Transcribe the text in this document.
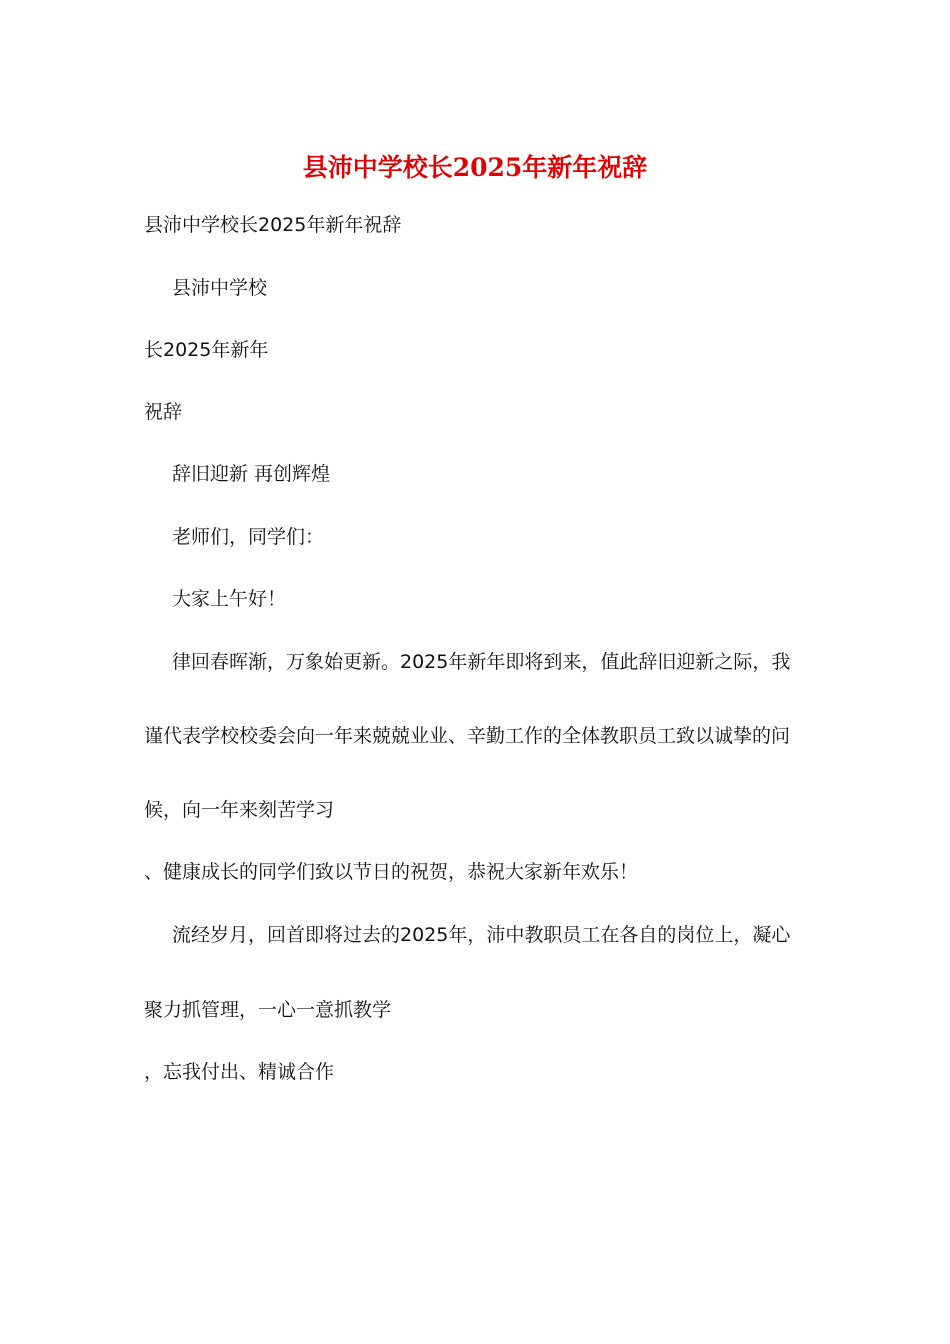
县沛中学校长2025年新年祝辞
县沛中学校长2025年新年祝辞
县沛中学校
长2025年新年
祝辞
辞旧迎新 再创辉煌
老师们，同学们：
大家上午好！
律回春晖渐，万象始更新。2025年新年即将到来，值此辞旧迎新之际，我
谨代表学校校委会向一年来兢兢业业、辛勤工作的全体教职员工致以诚挚的问
候，向一年来刻苦学习
、健康成长的同学们致以节日的祝贺，恭祝大家新年欢乐！
流经岁月，回首即将过去的2025年，沛中教职员工在各自的岗位上，凝心
聚力抓管理，一心一意抓教学
，忘我付出、精诚合作
